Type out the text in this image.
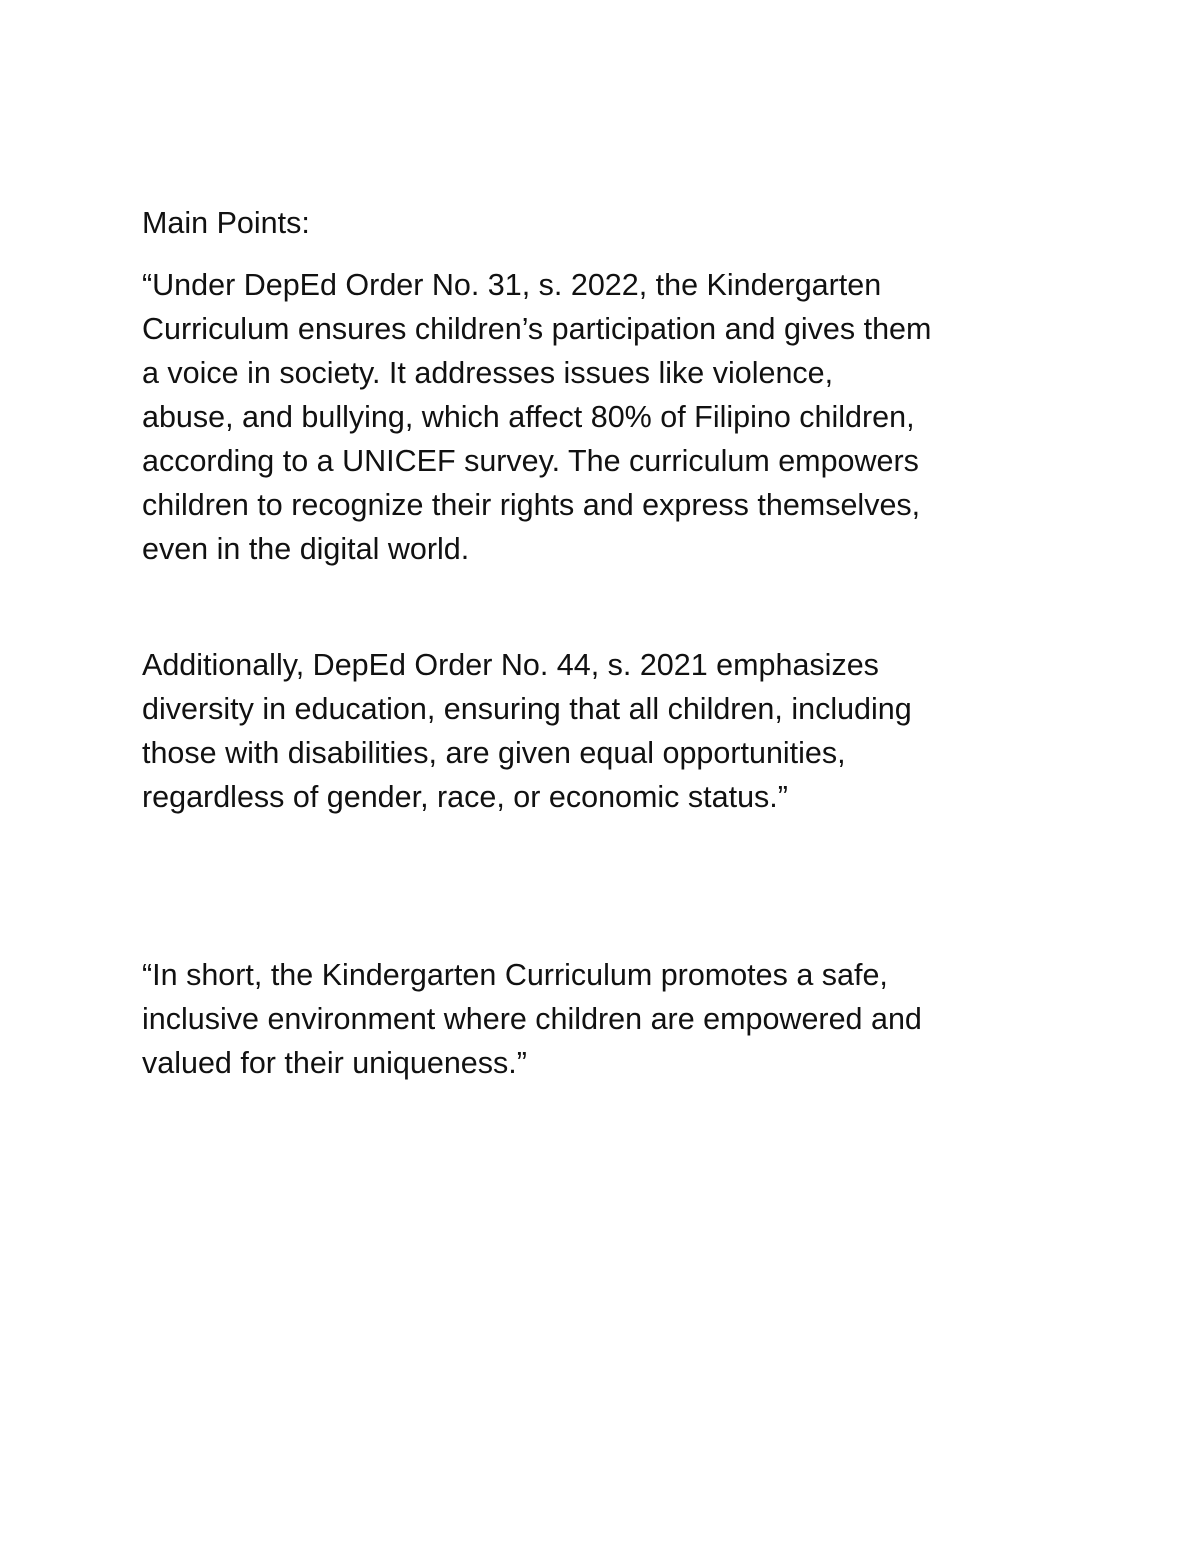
Main Points:

“Under DepEd Order No. 31, s. 2022, the Kindergarten
Curriculum ensures children’s participation and gives them
a voice in society. It addresses issues like violence,
abuse, and bullying, which affect 80% of Filipino children,
according to a UNICEF survey. The curriculum empowers
children to recognize their rights and express themselves,
even in the digital world.

Additionally, DepEd Order No. 44, s. 2021 emphasizes
diversity in education, ensuring that all children, including
those with disabilities, are given equal opportunities,
regardless of gender, race, or economic status.”

“In short, the Kindergarten Curriculum promotes a safe,
inclusive environment where children are empowered and
valued for their uniqueness.”
